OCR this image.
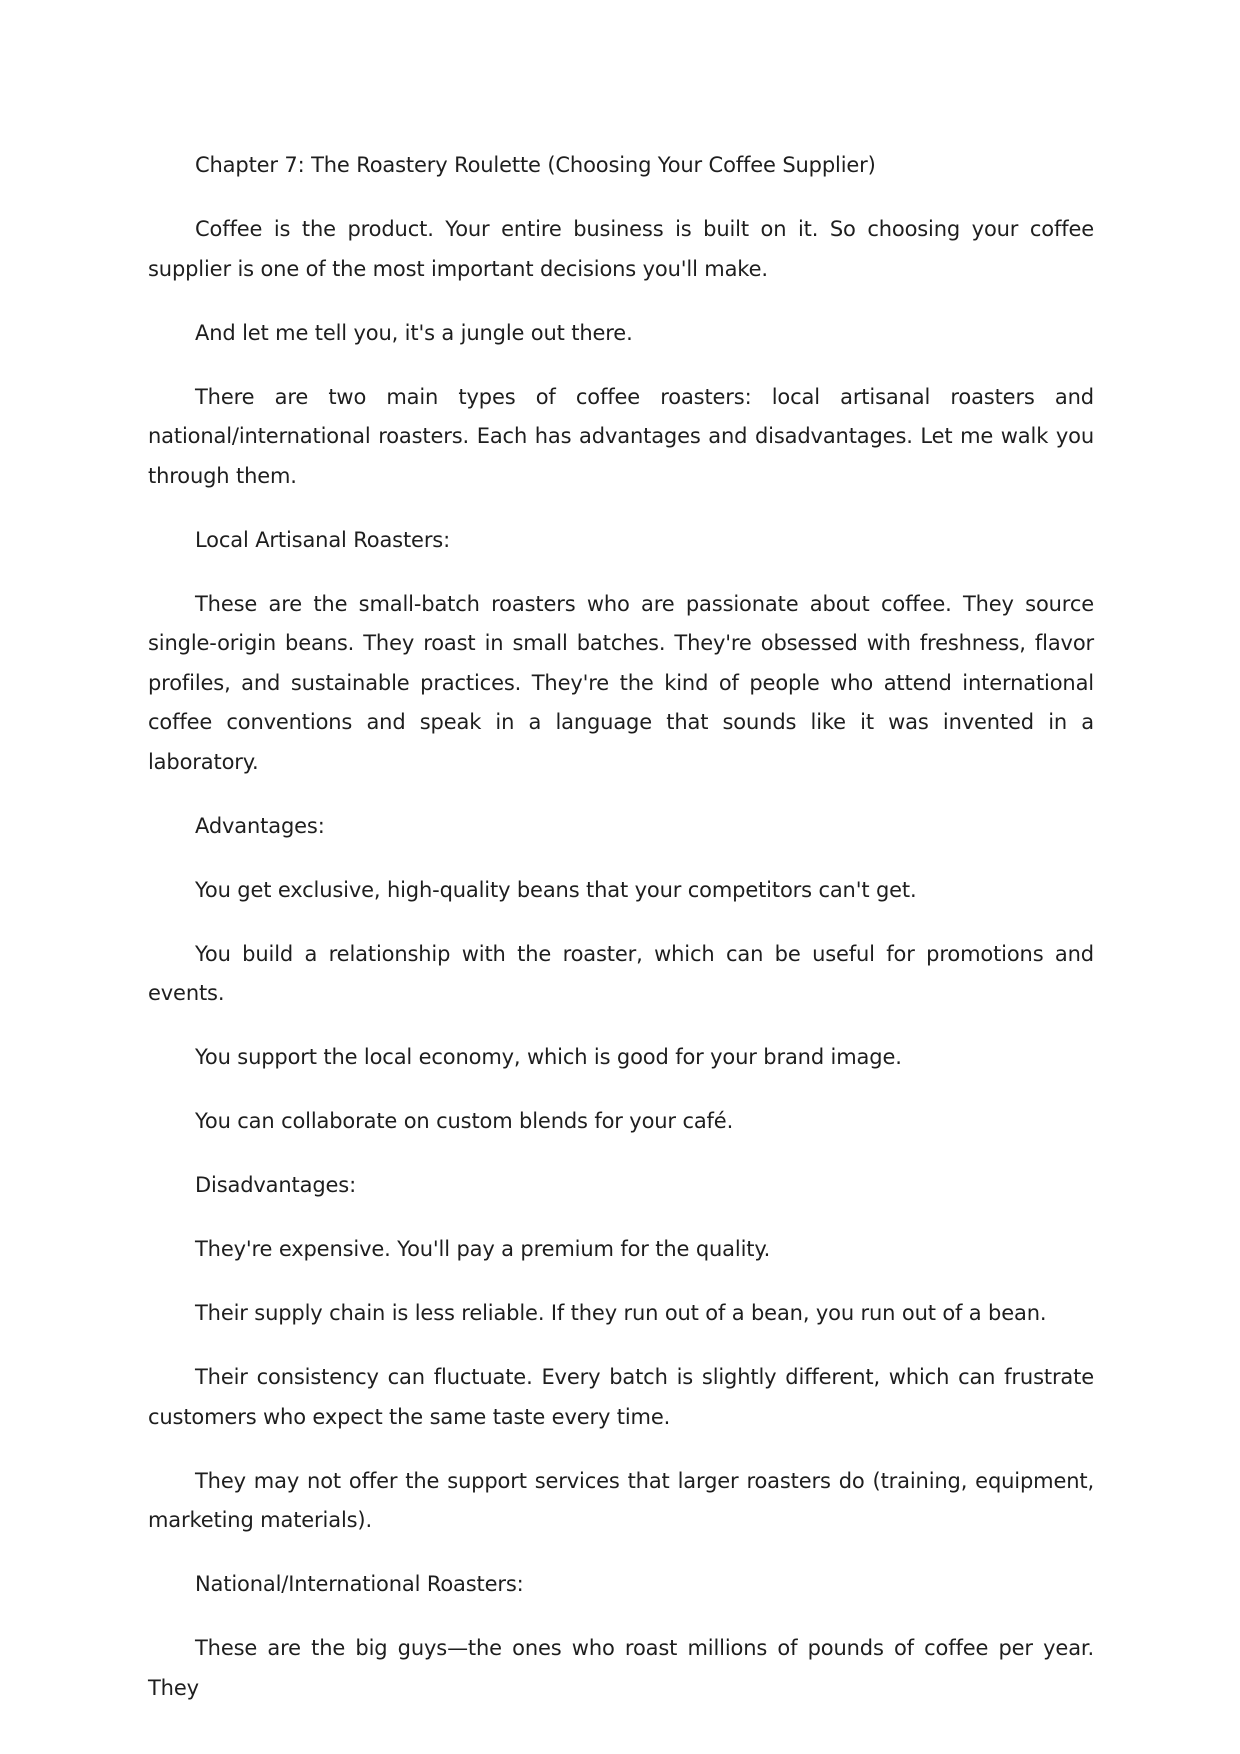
Chapter 7: The Roastery Roulette (Choosing Your Coffee Supplier)

Coffee is the product. Your entire business is built on it. So choosing your coffee supplier is one of the most important decisions you'll make.

And let me tell you, it's a jungle out there.

There are two main types of coffee roasters: local artisanal roasters and national/international roasters. Each has advantages and disadvantages. Let me walk you through them.

Local Artisanal Roasters:

These are the small-batch roasters who are passionate about coffee. They source single-origin beans. They roast in small batches. They're obsessed with freshness, flavor profiles, and sustainable practices. They're the kind of people who attend international coffee conventions and speak in a language that sounds like it was invented in a laboratory.

Advantages:

You get exclusive, high-quality beans that your competitors can't get.

You build a relationship with the roaster, which can be useful for promotions and events.

You support the local economy, which is good for your brand image.

You can collaborate on custom blends for your café.

Disadvantages:

They're expensive. You'll pay a premium for the quality.

Their supply chain is less reliable. If they run out of a bean, you run out of a bean.

Their consistency can fluctuate. Every batch is slightly different, which can frustrate customers who expect the same taste every time.

They may not offer the support services that larger roasters do (training, equipment, marketing materials).

National/International Roasters:

These are the big guys—the ones who roast millions of pounds of coffee per year. They
